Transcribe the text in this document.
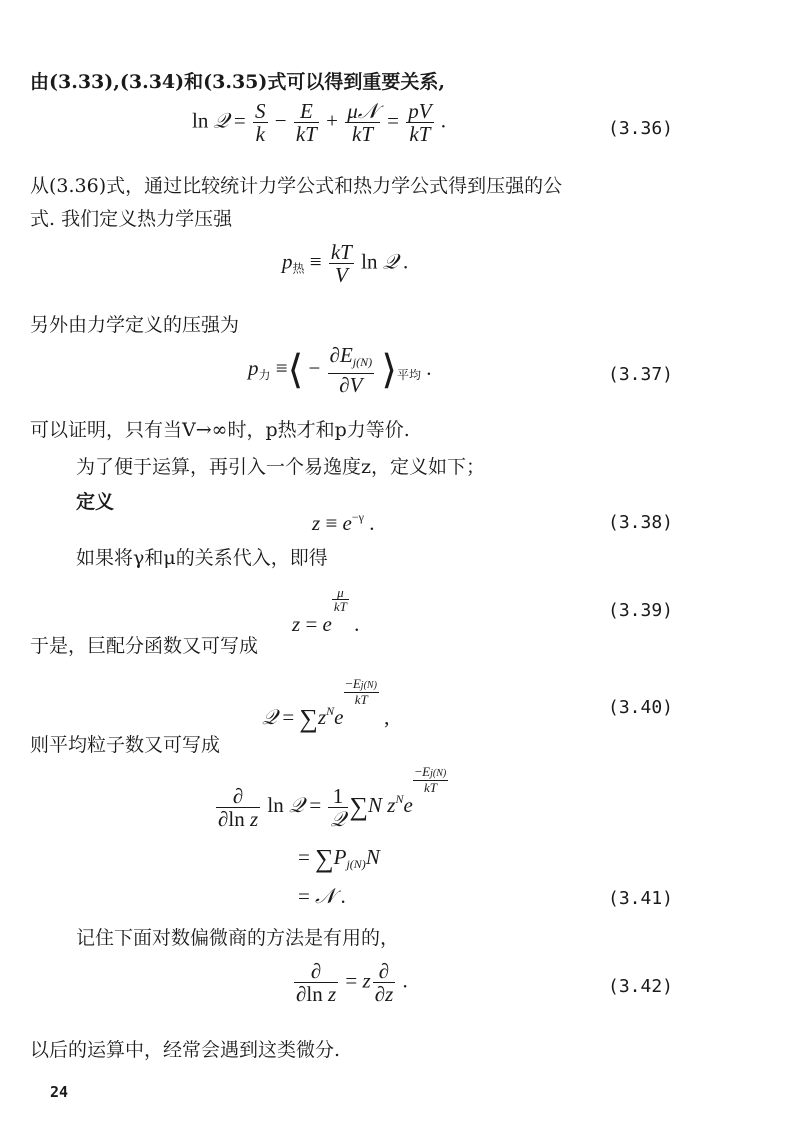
由(3.33),(3.34)和(3.35)式可以得到重要关系,
ln 𝒬 = $\frac{S}{k} - \frac{E}{kT} + \frac{\text{μ𝒩}}{kT} = \frac{pV}{kT}$ .	(3.36)
从(3.36)式，通过比较统计力学公式和热力学公式得到压强的公
式. 我们定义热力学压强
$p_热 \equiv \frac{kT}{V}$ ln 𝒬 .
另外由力学定义的压强为
$p_力$ ≡⟨ − $\frac{\partial E_{j(N)}}{\partial V}$ $⟩_{平均}$ .	(3.37)
可以证明，只有当V→∞时，p热才和p力等价.
为了便于运算，再引入一个易逸度z，定义如下；
定义
$z \equiv e^{-\gamma}$ .	(3.38)
如果将γ和μ的关系代入，即得
z = e
$\frac{\mu}{kT}$
.
(3.39)
于是，巨配分函数又可写成
𝒬 = $\sum z^Ne$
$\frac{-Ej(N)}{kT}$
,	(3.40)
则平均粒子数又可写成
$\frac{\partial}{\text{∂ln z}}$ ln 𝒬 = $\frac{1}{\text{𝒬}} \sum N$ $z^Ne$
$\frac{-Ej(N)}{kT}$
= $\sum P_{j(N)}N$
= 𝒩 .	(3.41)
记住下面对数偏微商的方法是有用的，
$\frac{\partial}{\text{∂ln z}} = z \frac{\partial}{\partial z}$ .	(3.42)
以后的运算中，经常会遇到这类微分.
24
